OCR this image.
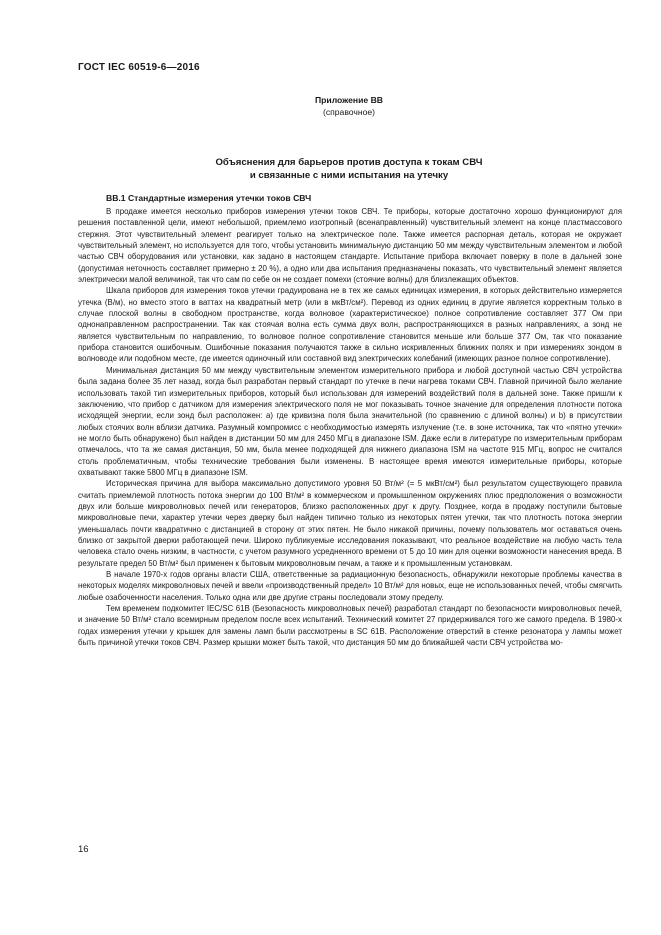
ГОСТ IEC 60519-6—2016
Приложение ВВ
(справочное)
Объяснения для барьеров против доступа к токам СВЧ
и связанные с ними испытания на утечку
ВВ.1 Стандартные измерения утечки токов СВЧ

В продаже имеется несколько приборов измерения утечки токов СВЧ. Те приборы, которые достаточно хорошо функционируют для решения поставленной цели, имеют небольшой, приемлемо изотропный (всенаправленный) чувствительный элемент на конце пластмассового стержня. Этот чувствительный элемент реагирует только на электрическое поле. Также имеется распорная деталь, которая не окружает чувствительный элемент, но используется для того, чтобы установить минимальную дистанцию 50 мм между чувствительным элементом и любой частью СВЧ оборудования или установки, как задано в настоящем стандарте. Испытание прибора включает поверку в поле в дальней зоне (допустимая неточность составляет примерно ± 20 %), а одно или два испытания предназначены показать, что чувствительный элемент является электрически малой величиной, так что сам по себе он не создает помехи (стоячие волны) для близлежащих объектов.

Шкала приборов для измерения токов утечки градуирована не в тех же самых единицах измерения, в которых действительно измеряется утечка (В/м), но вместо этого в ваттах на квадратный метр (или в мкВт/см²). Перевод из одних единиц в другие является корректным только в случае плоской волны в свободном пространстве, когда волновое (характеристическое) полное сопротивление составляет 377 Ом при однонаправленном распространении. Так как стоячая волна есть сумма двух волн, распространяющихся в разных направлениях, а зонд не является чувствительным по направлению, то волновое полное сопротивление становится меньше или больше 377 Ом, так что показание прибора становится ошибочным. Ошибочные показания получаются также в сильно искривленных ближних полях и при измерениях зондом в волноводе или подобном месте, где имеется одиночный или составной вид электрических колебаний (имеющих разное полное сопротивление).

Минимальная дистанция 50 мм между чувствительным элементом измерительного прибора и любой доступной частью СВЧ устройства была задана более 35 лет назад, когда был разработан первый стандарт по утечке в печи нагрева токами СВЧ. Главной причиной было желание использовать такой тип измерительных приборов, который был использован для измерений воздействий поля в дальней зоне. Также пришли к заключению, что прибор с датчиком для измерения электрического поля не мог показывать точное значение для определения плотности потока исходящей энергии, если зонд был расположен: a) где кривизна поля была значительной (по сравнению с длиной волны) и b) в присутствии любых стоячих волн вблизи датчика. Разумный компромисс с необходимостью измерять излучение (т.е. в зоне источника, так что «пятно утечки» не могло быть обнаружено) был найден в дистанции 50 мм для 2450 МГц в диапазоне ISM. Даже если в литературе по измерительным приборам отмечалось, что та же самая дистанция, 50 мм, была менее подходящей для нижнего диапазона ISM на частоте 915 МГц, вопрос не считался столь проблематичным, чтобы технические требования были изменены. В настоящее время имеются измерительные приборы, которые охватывают также 5800 МГц в диапазоне ISM.

Историческая причина для выбора максимально допустимого уровня 50 Вт/м² (= 5 мкВт/см²) был результатом существующего правила считать приемлемой плотность потока энергии до 100 Вт/м² в коммерческом и промышленном окружениях плюс предположения о возможности двух или больше микроволновых печей или генераторов, близко расположенных друг к другу. Позднее, когда в продажу поступили бытовые микроволновые печи, характер утечки через дверку был найден типично только из некоторых пятен утечки, так что плотность потока энергии уменьшалась почти квадратично с дистанцией в сторону от этих пятен. Не было никакой причины, почему пользователь мог оставаться очень близко от закрытой дверки работающей печи. Широко публикуемые исследования показывают, что реальное воздействие на любую часть тела человека стало очень низким, в частности, с учетом разумного усредненного времени от 5 до 10 мин для оценки возможности нанесения вреда. В результате предел 50 Вт/м² был применен к бытовым микроволновым печам, а также и к промышленным установкам.

В начале 1970-х годов органы власти США, ответственные за радиационную безопасность, обнаружили некоторые проблемы качества в некоторых моделях микроволновых печей и ввели «производственный предел» 10 Вт/м² для новых, еще не использованных печей, чтобы смягчить любые озабоченности населения. Только одна или две другие страны последовали этому пределу.

Тем временем подкомитет IEC/SC 61B (Безопасность микроволновых печей) разработал стандарт по безопасности микроволновых печей, и значение 50 Вт/м² стало всемирным пределом после всех испытаний. Технический комитет 27 придерживался того же самого предела. В 1980-х годах измерения утечки у крышек для замены ламп были рассмотрены в SC 61B. Расположение отверстий в стенке резонатора у лампы может быть причиной утечки токов СВЧ. Размер крышки может быть такой, что дистанция 50 мм до ближайшей части СВЧ устройства мо-

16
